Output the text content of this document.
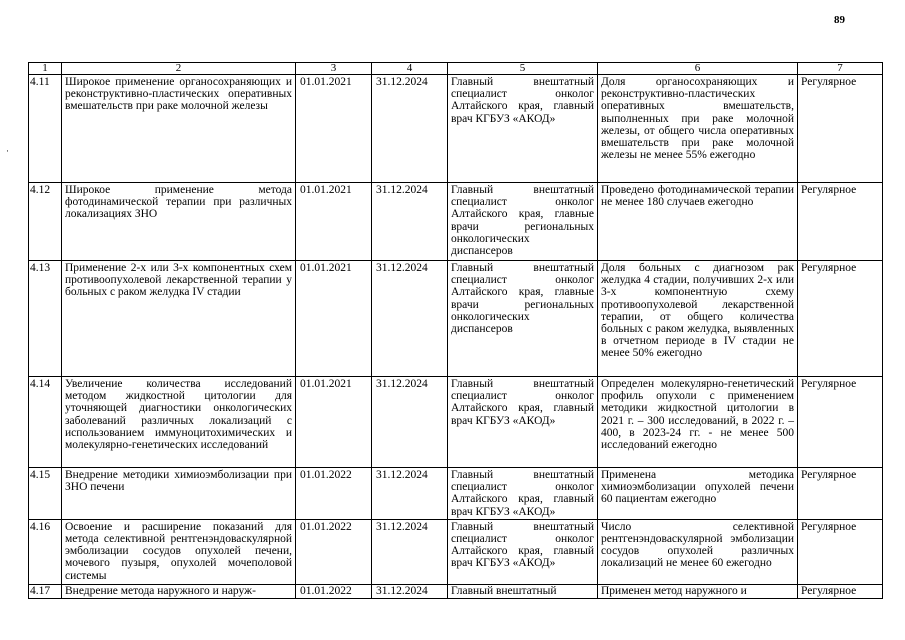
89
·
1	2	3	4	5	6	7
4.11	Широкое применение органосохраняющих и реконструктивно-пластических оперативных вмешательств при раке молочной железы	01.01.2021	31.12.2024	Главный внештатный специалист онколог Алтайского края, главный врач КГБУЗ «АКОД»	Доля органосохраняющих и реконструктивно-пластических оперативных вмешательств, выполненных при раке молочной железы, от общего числа оперативных вмешательств при раке молочной железы не менее 55% ежегодно	Регулярное
4.12	Широкое применение метода фотодинамической терапии при различных локализациях ЗНО	01.01.2021	31.12.2024	Главный внештатный специалист онколог Алтайского края, главные врачи региональных онкологических диспансеров	Проведено фотодинамической терапии не менее 180 случаев ежегодно	Регулярное
4.13	Применение 2-х или 3-х компонентных схем противоопухолевой лекарственной терапии у больных с раком желудка IV стадии	01.01.2021	31.12.2024	Главный внештатный специалист онколог Алтайского края, главные врачи региональных онкологических диспансеров	Доля больных с диагнозом рак желудка 4 стадии, получивших 2-х или 3-х компонентную схему противоопухолевой лекарственной терапии, от общего количества больных с раком желудка, выявленных в отчетном периоде в IV стадии не менее 50% ежегодно	Регулярное
4.14	Увеличение количества исследований методом жидкостной цитологии для уточняющей диагностики онкологических заболеваний различных локализаций с использованием иммуноцитохимических и молекулярно-генетических исследований	01.01.2021	31.12.2024	Главный внештатный специалист онколог Алтайского края, главный врач КГБУЗ «АКОД»	Определен молекулярно-генетический профиль опухоли с применением методики жидкостной цитологии в 2021 г. – 300 исследований, в 2022 г. – 400, в 2023-24 гг. - не менее 500 исследований ежегодно	Регулярное
4.15	Внедрение методики химиоэмболизации при ЗНО печени	01.01.2022	31.12.2024	Главный внештатный специалист онколог Алтайского края, главный врач КГБУЗ «АКОД»	Применена методика химиоэмболизации опухолей печени 60 пациентам ежегодно	Регулярное
4.16	Освоение и расширение показаний для метода селективной рентгенэндоваскулярной эмболизации сосудов опухолей печени, мочевого пузыря, опухолей мочеполовой системы	01.01.2022	31.12.2024	Главный внештатный специалист онколог Алтайского края, главный врач КГБУЗ «АКОД»	Число селективной рентгенэндоваскулярной эмболизации сосудов опухолей различных локализаций не менее 60 ежегодно	Регулярное
4.17	Внедрение метода наружного и наруж-	01.01.2022	31.12.2024	Главный внештатный	Применен метод наружного и	Регулярное
